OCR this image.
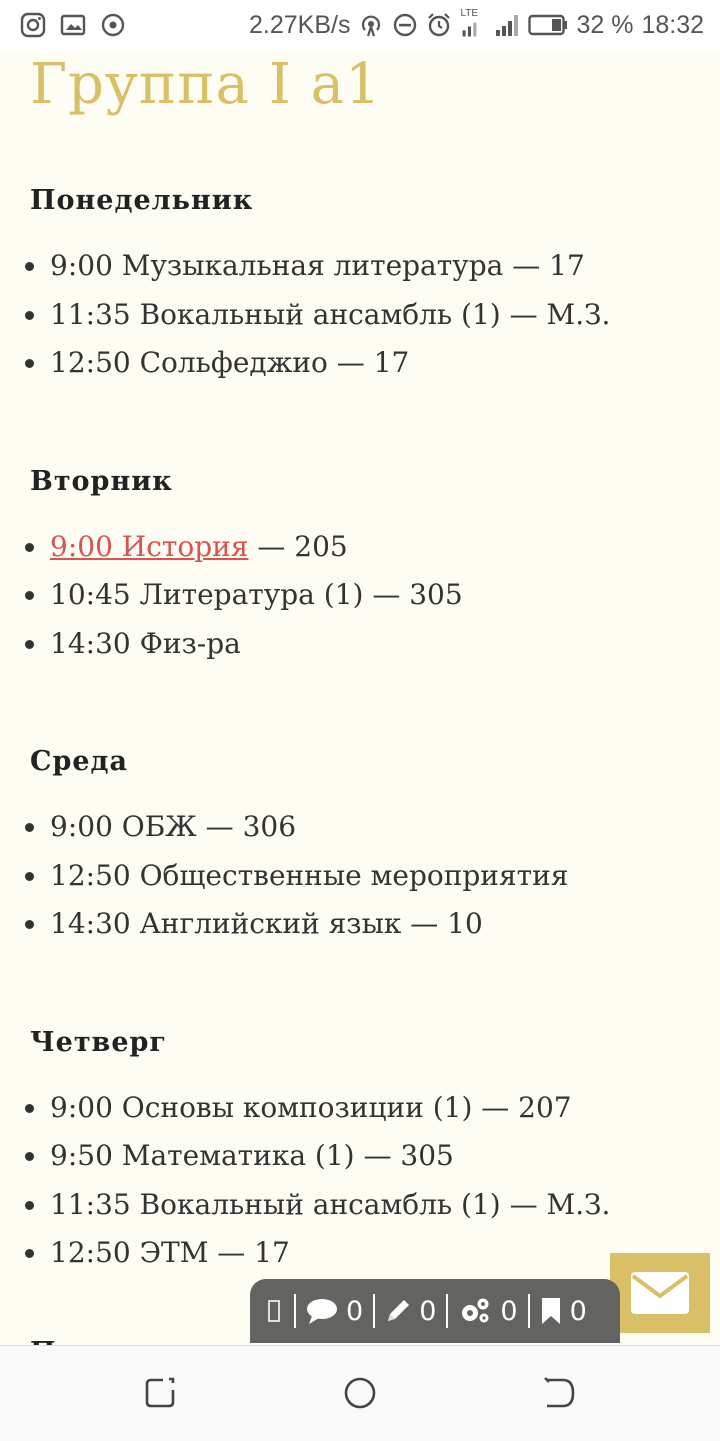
2.27KB/s	LTE	32 % 18:32
Группа I a1
Понедельник
9:00 Музыкальная литература — 17
11:35 Вокальный ансамбль (1) — М.З.
12:50 Сольфеджио — 17
Вторник
9:00 История — 205
10:45 Литература (1) — 305
14:30 Физ-ра
Среда
9:00 ОБЖ — 306
12:50 Общественные мероприятия
14:30 Английский язык — 10
Четверг
9:00 Основы композиции (1) — 207
9:50 Математика (1) — 305
11:35 Вокальный ансамбль (1) — М.З.
12:50 ЭТМ — 17
0 0 0 0
